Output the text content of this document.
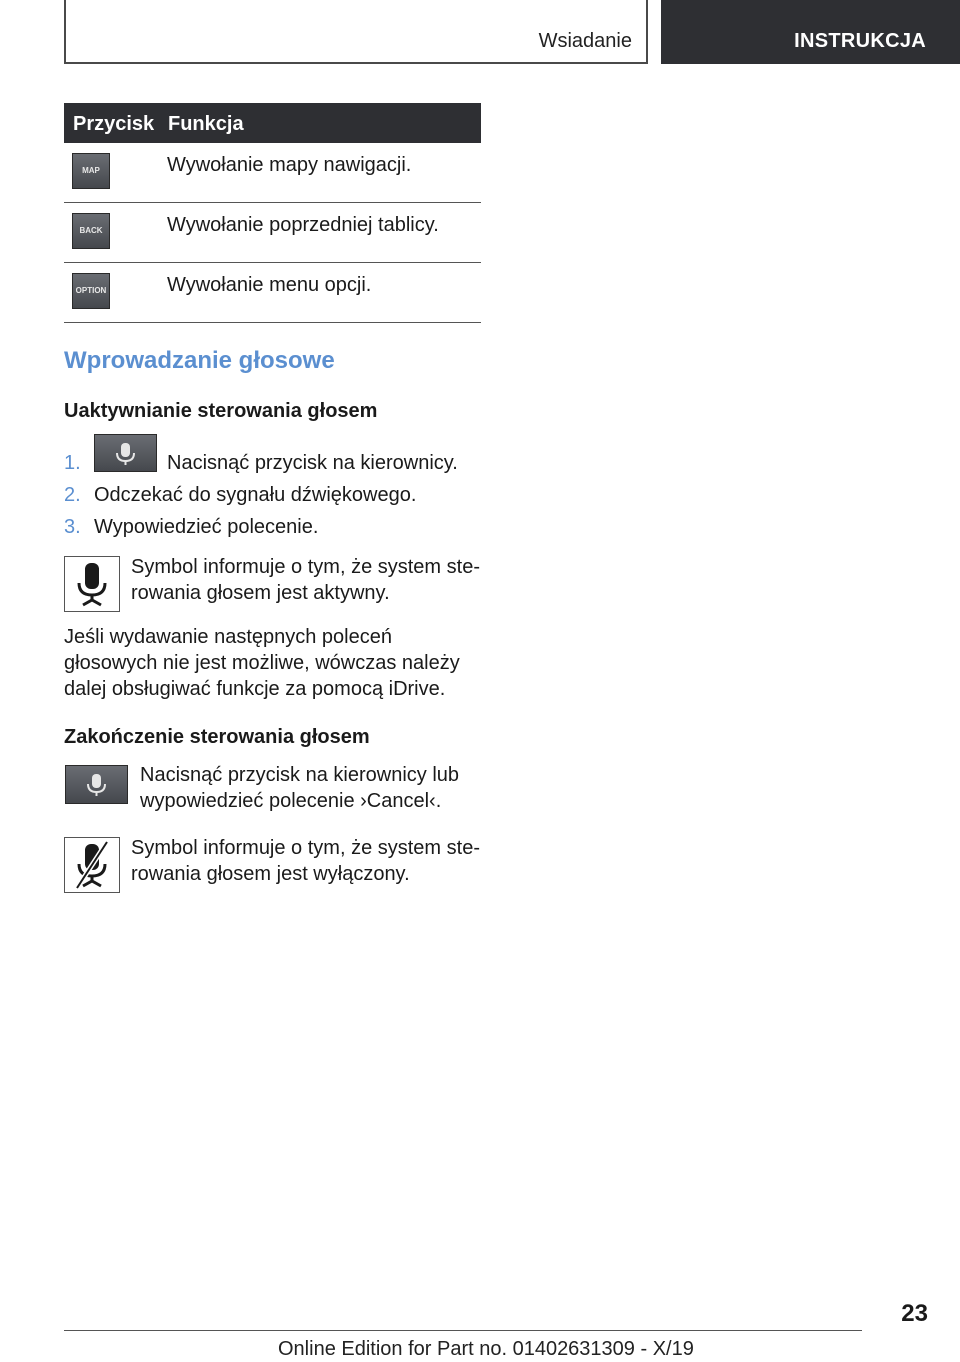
Wsiadanie	INSTRUKCJA
Przycisk Funkcja
MAP	Wywołanie mapy nawigacji.
BACK	Wywołanie poprzedniej tablicy.
OPTION	Wywołanie menu opcji.
Wprowadzanie głosowe
Uaktywnianie sterowania głosem
1.	Nacisnąć przycisk na kierownicy.
2. Odczekać do sygnału dźwiękowego.
3. Wypowiedzieć polecenie.
Symbol informuje o tym, że system sterowania głosem jest aktywny.
Jeśli wydawanie następnych poleceń głosowych nie jest możliwe, wówczas należy dalej obsługiwać funkcje za pomocą iDrive.
Zakończenie sterowania głosem
Nacisnąć przycisk na kierownicy lub wypowiedzieć polecenie ›Cancel‹.
Symbol informuje o tym, że system sterowania głosem jest wyłączony.
23
Online Edition for Part no. 01402631309 - X/19
